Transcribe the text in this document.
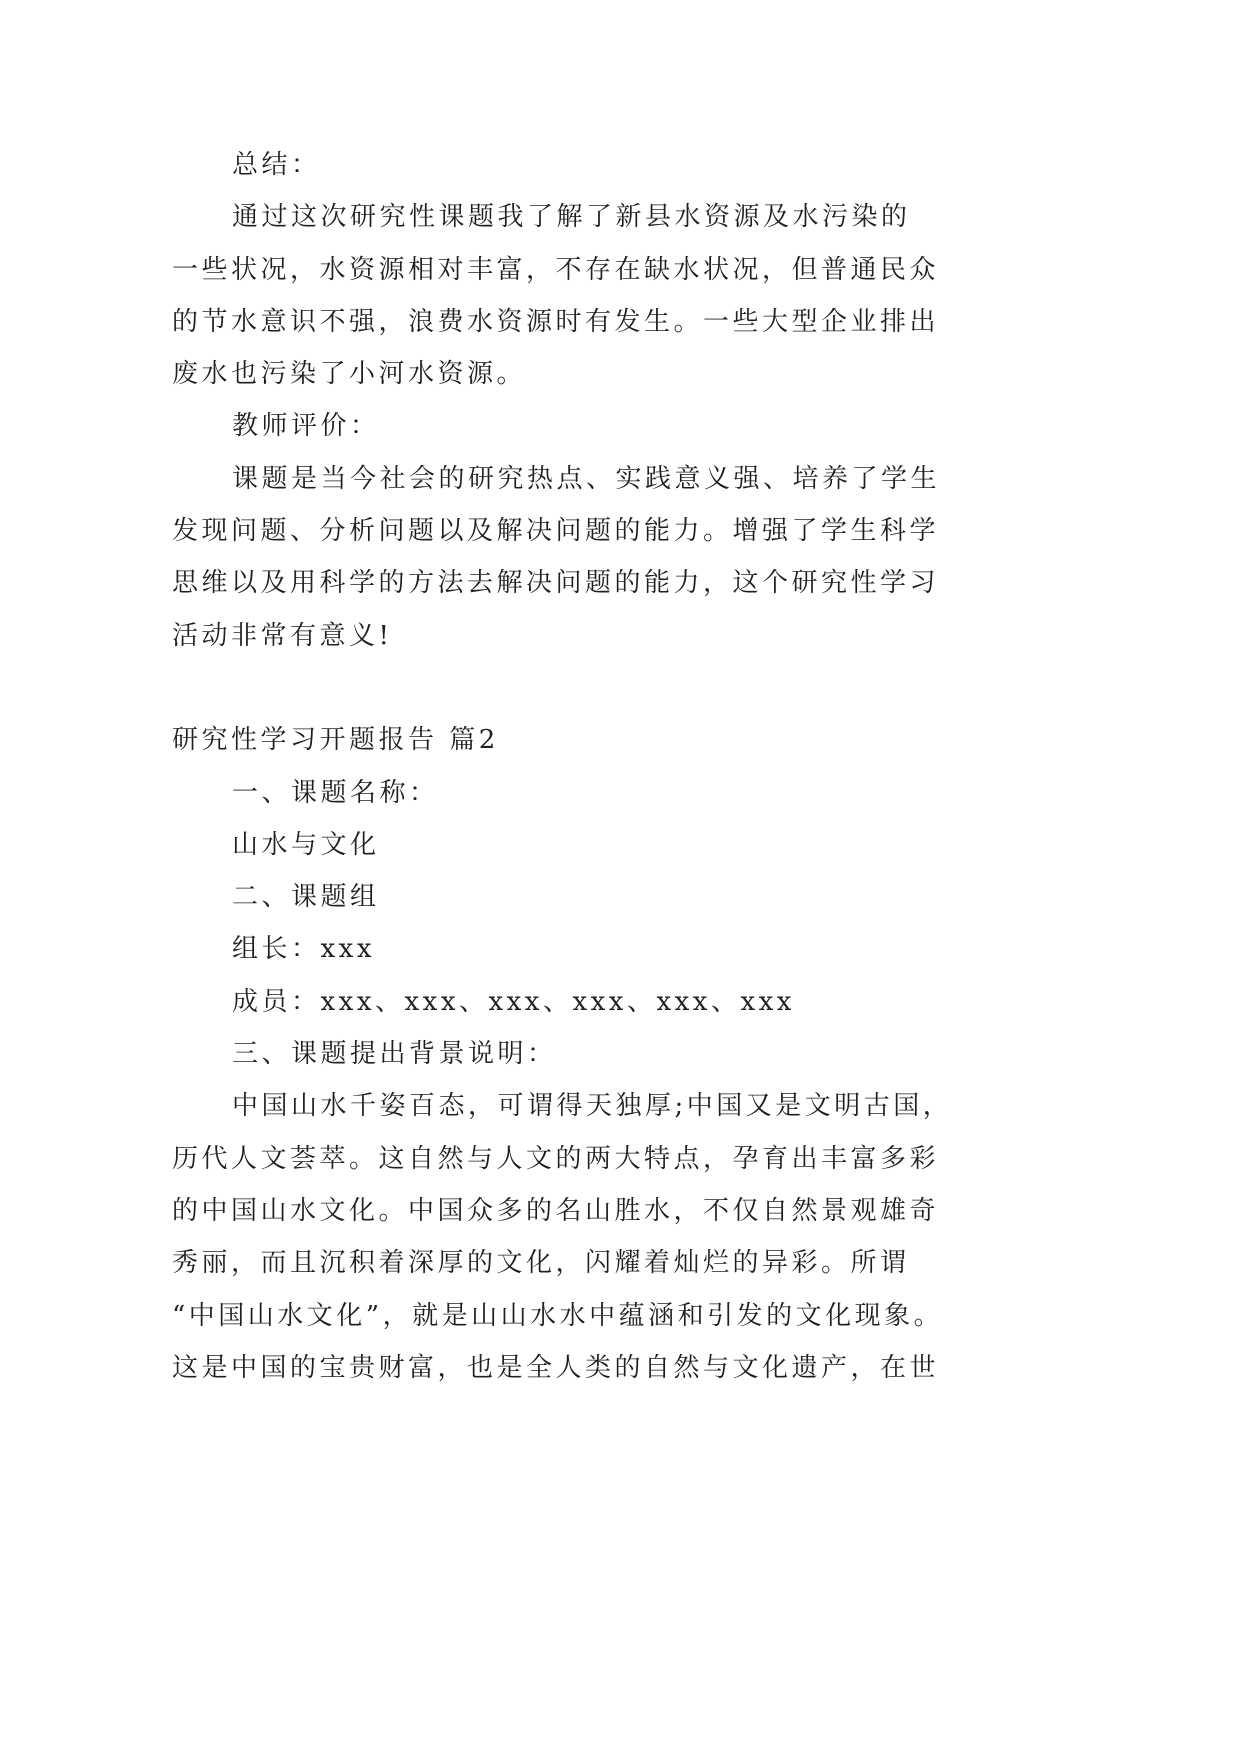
总结：
通过这次研究性课题我了解了新县水资源及水污染的
一些状况，水资源相对丰富，不存在缺水状况，但普通民众
的节水意识不强，浪费水资源时有发生。一些大型企业排出
废水也污染了小河水资源。
教师评价：
课题是当今社会的研究热点、实践意义强、培养了学生
发现问题、分析问题以及解决问题的能力。增强了学生科学
思维以及用科学的方法去解决问题的能力，这个研究性学习
活动非常有意义!
研究性学习开题报告 篇2
一、课题名称：
山水与文化
二、课题组
组长：xxx
成员：xxx、xxx、xxx、xxx、xxx、xxx
三、课题提出背景说明：
中国山水千姿百态，可谓得天独厚;中国又是文明古国，
历代人文荟萃。这自然与人文的两大特点，孕育出丰富多彩
的中国山水文化。中国众多的名山胜水，不仅自然景观雄奇
秀丽，而且沉积着深厚的文化，闪耀着灿烂的异彩。所谓
“中国山水文化”，就是山山水水中蕴涵和引发的文化现象。
这是中国的宝贵财富，也是全人类的自然与文化遗产，在世
